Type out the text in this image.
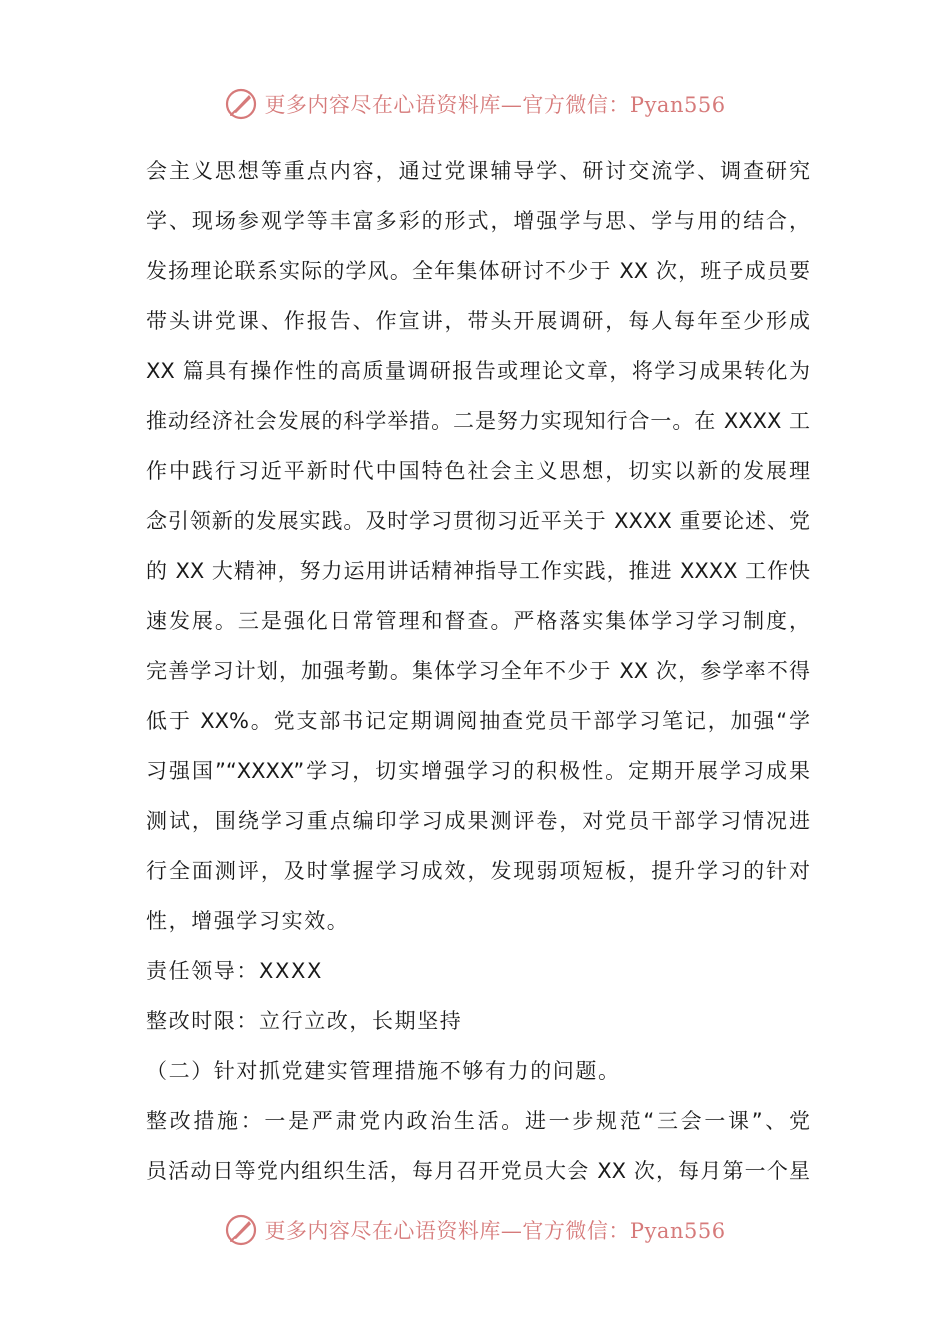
更多内容尽在心语资料库—官方微信：Pyan556
会主义思想等重点内容，通过党课辅导学、研讨交流学、调查研究
学、现场参观学等丰富多彩的形式，增强学与思、学与用的结合，
发扬理论联系实际的学风。全年集体研讨不少于 XX 次，班子成员要
带头讲党课、作报告、作宣讲，带头开展调研，每人每年至少形成
XX 篇具有操作性的高质量调研报告或理论文章，将学习成果转化为
推动经济社会发展的科学举措。二是努力实现知行合一。在 XXXX 工
作中践行习近平新时代中国特色社会主义思想，切实以新的发展理
念引领新的发展实践。及时学习贯彻习近平关于 XXXX 重要论述、党
的 XX 大精神，努力运用讲话精神指导工作实践，推进 XXXX 工作快
速发展。三是强化日常管理和督查。严格落实集体学习学习制度，
完善学习计划，加强考勤。集体学习全年不少于 XX 次，参学率不得
低于 XX%。党支部书记定期调阅抽查党员干部学习笔记，加强“学
习强国”“XXXX”学习，切实增强学习的积极性。定期开展学习成果
测试，围绕学习重点编印学习成果测评卷，对党员干部学习情况进
行全面测评，及时掌握学习成效，发现弱项短板，提升学习的针对
性，增强学习实效。
责任领导：XXXX
整改时限：立行立改，长期坚持
（二）针对抓党建实管理措施不够有力的问题。
整改措施：一是严肃党内政治生活。进一步规范“三会一课”、党
员活动日等党内组织生活，每月召开党员大会 XX 次，每月第一个星
更多内容尽在心语资料库—官方微信：Pyan556
